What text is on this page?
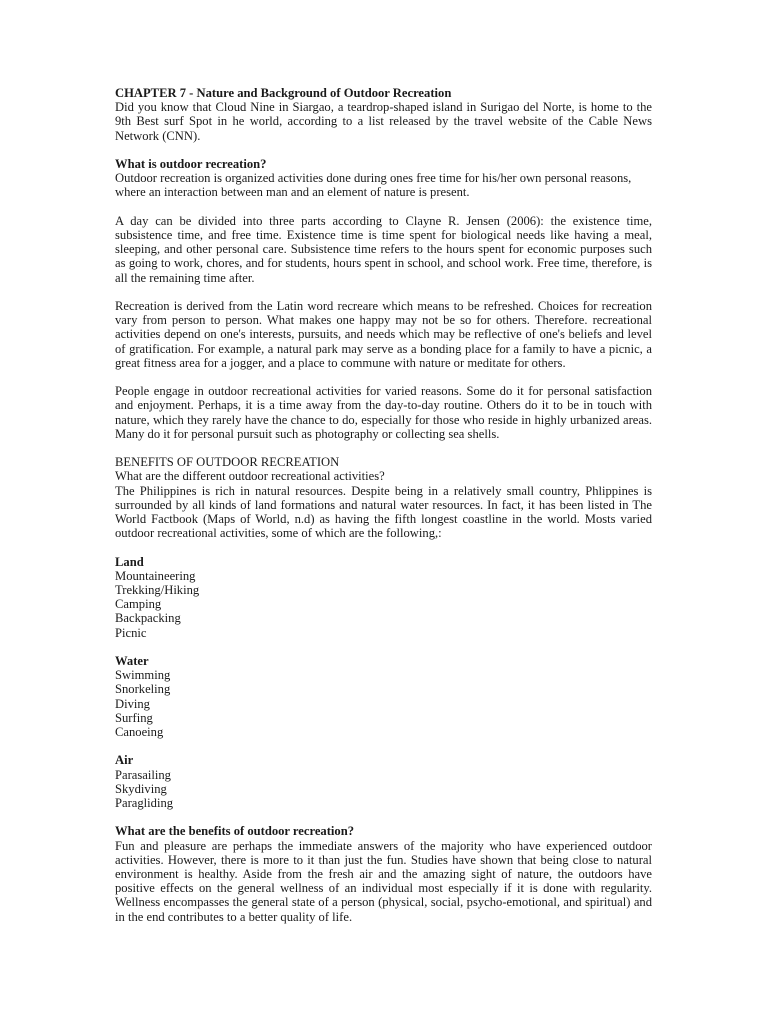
CHAPTER 7 - Nature and Background of Outdoor Recreation

Did you know that Cloud Nine in Siargao, a teardrop-shaped island in Surigao del Norte, is home to the 9th Best surf Spot in he world, according to a list released by the travel website of the Cable News Network (CNN).

What is outdoor recreation?

Outdoor recreation is organized activities done during ones free time for his/her own personal reasons, where an interaction between man and an element of nature is present.

A day can be divided into three parts according to Clayne R. Jensen (2006): the existence time, subsistence time, and free time. Existence time is time spent for biological needs like having a meal, sleeping, and other personal care. Subsistence time refers to the hours spent for economic purposes such as going to work, chores, and for students, hours spent in school, and school work. Free time, therefore, is all the remaining time after.

Recreation is derived from the Latin word recreare which means to be refreshed. Choices for recreation vary from person to person. What makes one happy may not be so for others. Therefore. recreational activities depend on one's interests, pursuits, and needs which may be reflective of one's beliefs and level of gratification. For example, a natural park may serve as a bonding place for a family to have a picnic, a great fitness area for a jogger, and a place to commune with nature or meditate for others.

People engage in outdoor recreational activities for varied reasons. Some do it for personal satisfaction and enjoyment. Perhaps, it is a time away from the day-to-day routine. Others do it to be in touch with nature, which they rarely have the chance to do, especially for those who reside in highly urbanized areas. Many do it for personal pursuit such as photography or collecting sea shells.

BENEFITS OF OUTDOOR RECREATION
What are the different outdoor recreational activities?

The Philippines is rich in natural resources. Despite being in a relatively small country, Phlippines is surrounded by all kinds of land formations and natural water resources. In fact, it has been listed in The World Factbook (Maps of World, n.d) as having the fifth longest coastline in the world. Mosts varied outdoor recreational activities, some of which are the following,:

Land
Mountaineering
Trekking/Hiking
Camping
Backpacking
Picnic
Water
Swimming
Snorkeling
Diving
Surfing
Canoeing
Air
Parasailing
Skydiving
Paragliding
What are the benefits of outdoor recreation?

Fun and pleasure are perhaps the immediate answers of the majority who have experienced outdoor activities. However, there is more to it than just the fun. Studies have shown that being close to natural environment is healthy. Aside from the fresh air and the amazing sight of nature, the outdoors have positive effects on the general wellness of an individual most especially if it is done with regularity. Wellness encompasses the general state of a person (physical, social, psycho-emotional, and spiritual) and in the end contributes to a better quality of life.
